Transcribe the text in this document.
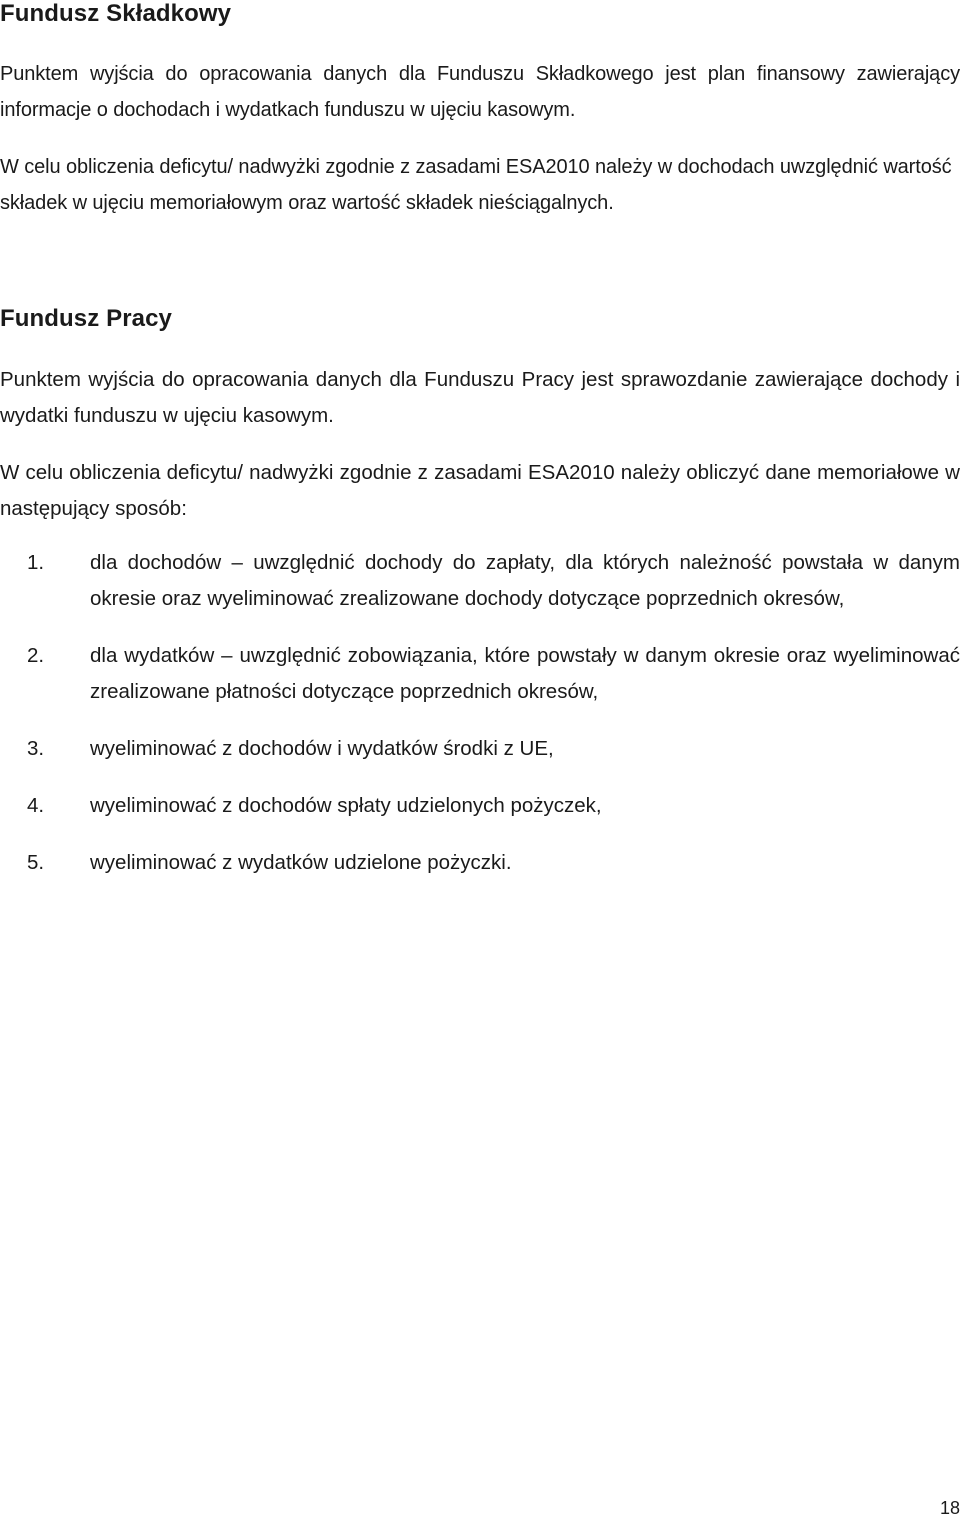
Fundusz Składkowy

Punktem wyjścia do opracowania danych dla Funduszu Składkowego jest plan finansowy zawierający informacje o dochodach i wydatkach funduszu w ujęciu kasowym.

W celu obliczenia deficytu/ nadwyżki zgodnie z zasadami ESA2010 należy w dochodach uwzględnić wartość składek w ujęciu memoriałowym oraz wartość składek nieściągalnych.

Fundusz Pracy

Punktem wyjścia do opracowania danych dla Funduszu Pracy jest sprawozdanie zawierające dochody i wydatki funduszu w ujęciu kasowym.

W celu obliczenia deficytu/ nadwyżki zgodnie z zasadami ESA2010 należy obliczyć dane memoriałowe w następujący sposób:

1. dla dochodów – uwzględnić dochody do zapłaty, dla których należność powstała w danym okresie oraz wyeliminować zrealizowane dochody dotyczące poprzednich okresów,
2. dla wydatków – uwzględnić zobowiązania, które powstały w danym okresie oraz wyeliminować zrealizowane płatności dotyczące poprzednich okresów,
3. wyeliminować z dochodów i wydatków środki z UE,
4. wyeliminować z dochodów spłaty udzielonych pożyczek,
5. wyeliminować z wydatków udzielone pożyczki.
18
